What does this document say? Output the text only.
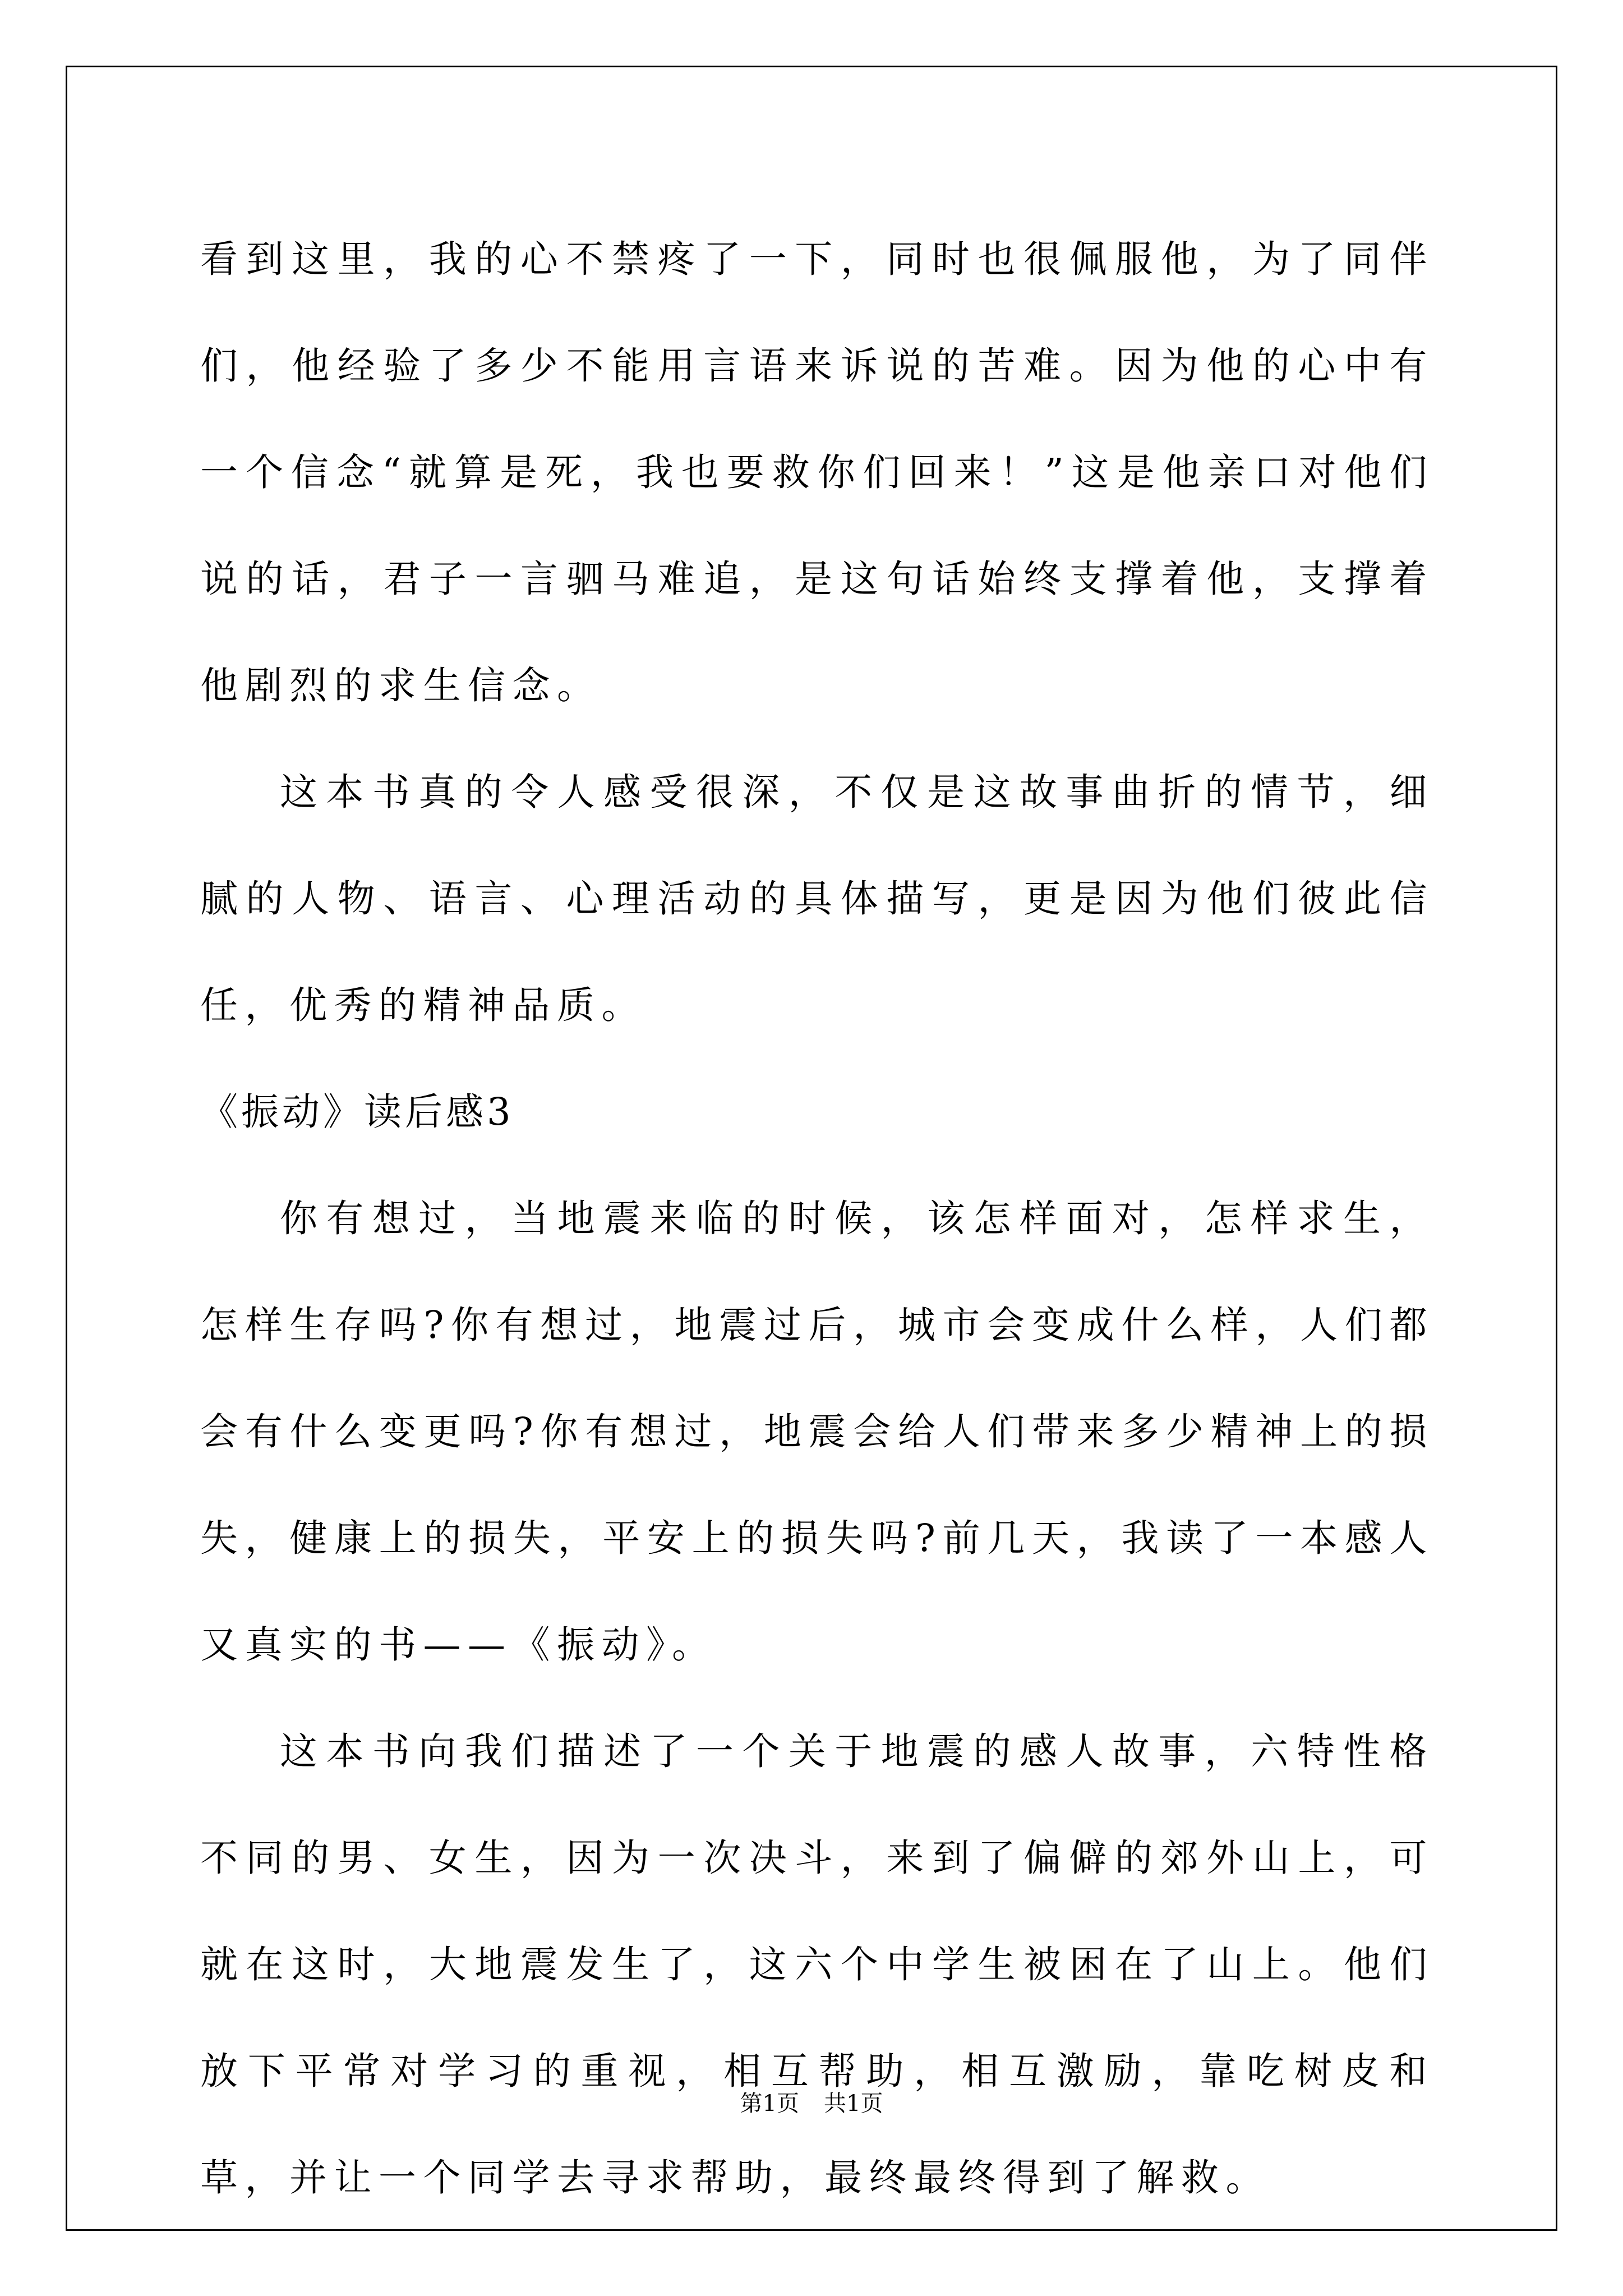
看到这里，我的心不禁疼了一下，同时也很佩服他，为了同伴们，他经验了多少不能用言语来诉说的苦难。因为他的心中有一个信念“就算是死，我也要救你们回来！”这是他亲口对他们说的话，君子一言驷马难追，是这句话始终支撑着他，支撑着他剧烈的求生信念。

这本书真的令人感受很深，不仅是这故事曲折的情节，细腻的人物、语言、心理活动的具体描写，更是因为他们彼此信任，优秀的精神品质。

《振动》读后感3

你有想过，当地震来临的时候，该怎样面对，怎样求生，怎样生存吗?你有想过，地震过后，城市会变成什么样，人们都会有什么变更吗?你有想过，地震会给人们带来多少精神上的损失，健康上的损失，平安上的损失吗?前几天，我读了一本感人又真实的书——《振动》。

这本书向我们描述了一个关于地震的感人故事，六特性格不同的男、女生，因为一次决斗，来到了偏僻的郊外山上，可就在这时，大地震发生了，这六个中学生被困在了山上。他们放下平常对学习的重视，相互帮助，相互激励，靠吃树皮和草，并让一个同学去寻求帮助，最终最终得到了解救。

第1页 共1页
